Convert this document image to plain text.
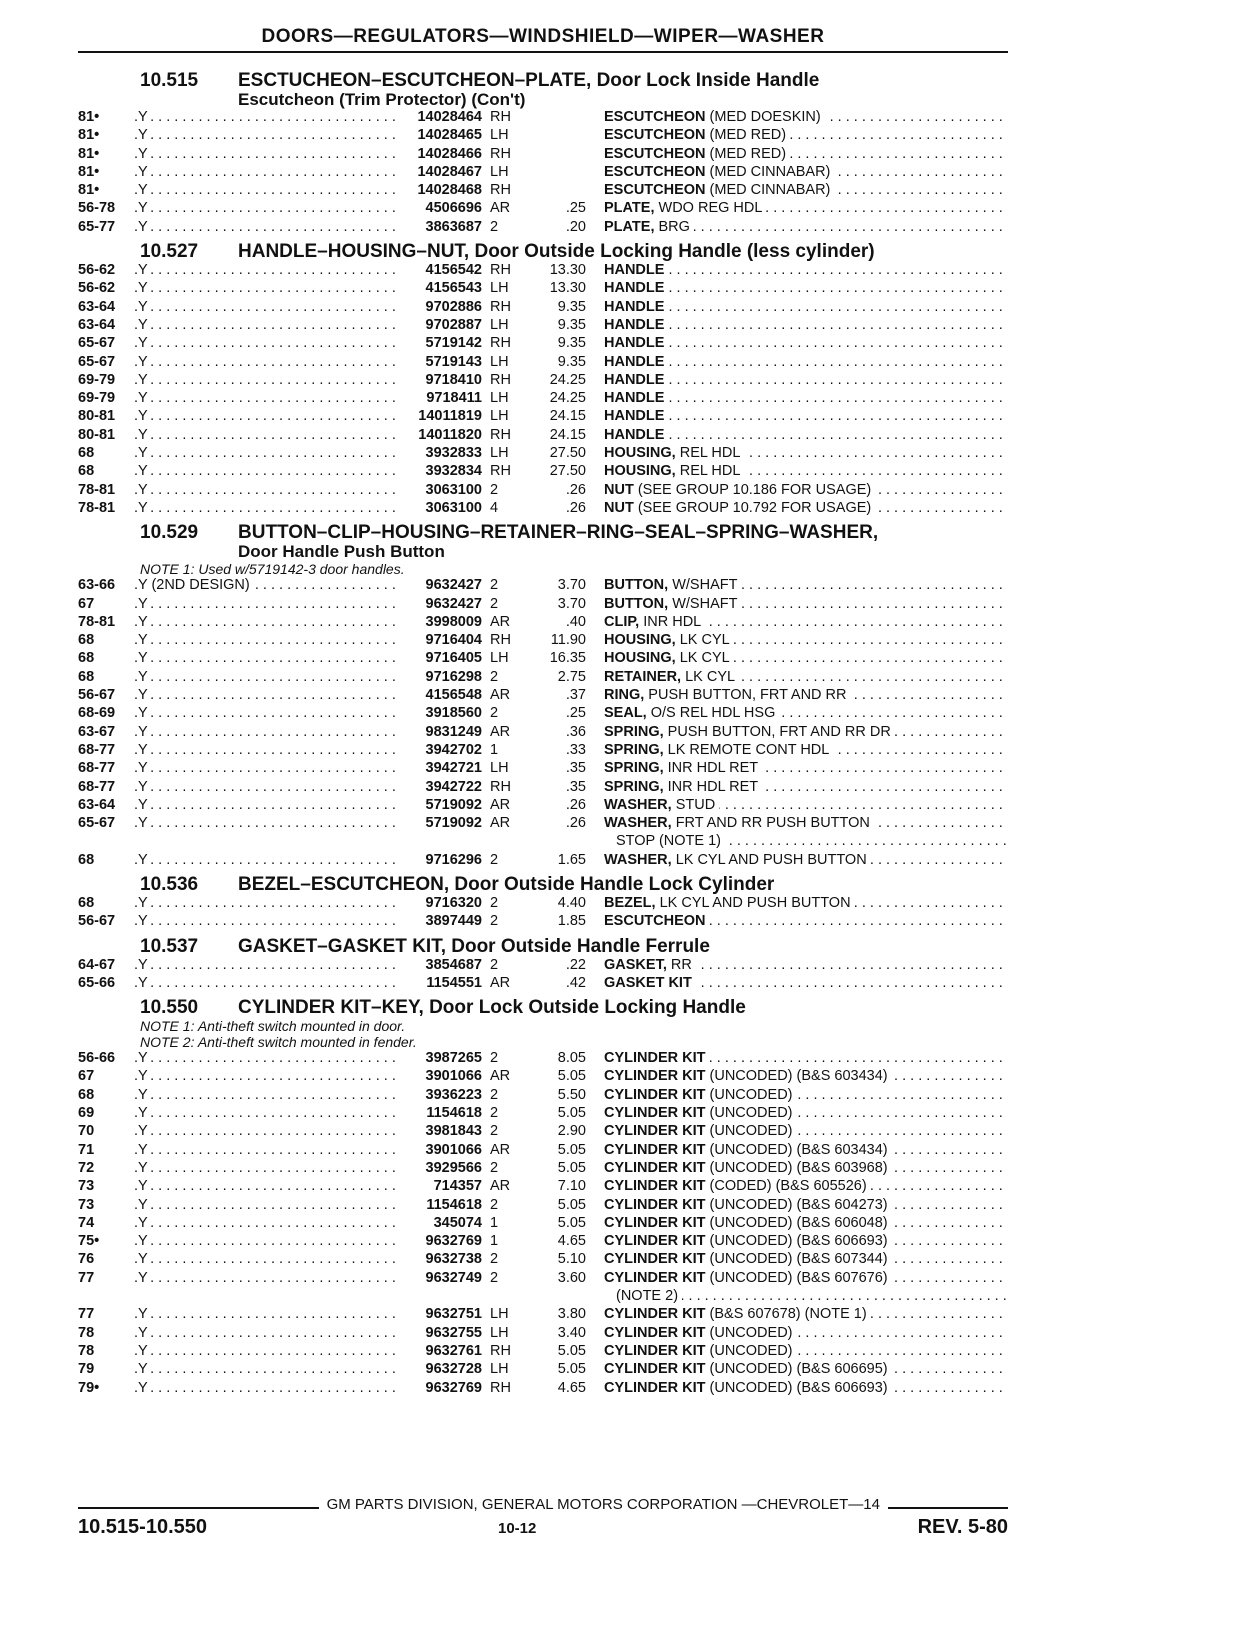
DOORS—REGULATORS—WINDSHIELD—WIPER—WASHER
10.515	ESCTUCHEON–ESCUTCHEON–PLATE, Door Lock Inside Handle
Escutcheon (Trim Protector) (Con't)
81•	Y . . .	14028464 RH	ESCUTCHEON (MED DOESKIN) . . .
81•	Y . . .	14028465 LH	ESCUTCHEON (MED RED) . . .
81•	Y . . .	14028466 RH	ESCUTCHEON (MED RED) . . .
81•	Y . . .	14028467 LH	ESCUTCHEON (MED CINNABAR) . . .
81•	Y . . .	14028468 RH	ESCUTCHEON (MED CINNABAR) . . .
56-78	Y . . .	4506696 AR	.25	PLATE, WDO REG HDL . . .
65-77	Y . . .	3863687 2	.20	PLATE, BRG . . .
10.527	HANDLE–HOUSING–NUT, Door Outside Locking Handle (less cylinder)
56-62	Y . . .	4156542 RH	13.30	HANDLE . . .
56-62	Y . . .	4156543 LH	13.30	HANDLE . . .
63-64	Y . . .	9702886 RH	9.35	HANDLE . . .
63-64	Y . . .	9702887 LH	9.35	HANDLE . . .
65-67	Y . . .	5719142 RH	9.35	HANDLE . . .
65-67	Y . . .	5719143 LH	9.35	HANDLE . . .
69-79	Y . . .	9718410 RH	24.25	HANDLE . . .
69-79	Y . . .	9718411 LH	24.25	HANDLE . . .
80-81	Y . . .	14011819 LH	24.15	HANDLE . . .
80-81	Y . . .	14011820 RH	24.15	HANDLE . . .
68	Y . . .	3932833 LH	27.50	HOUSING, REL HDL . . .
68	Y . . .	3932834 RH	27.50	HOUSING, REL HDL . . .
78-81	Y . . .	3063100 2	.26	NUT (SEE GROUP 10.186 FOR USAGE) . . .
78-81	Y . . .	3063100 4	.26	NUT (SEE GROUP 10.792 FOR USAGE) . . .
10.529	BUTTON–CLIP–HOUSING–RETAINER–RING–SEAL–SPRING–WASHER,
Door Handle Push Button
NOTE 1: Used w/5719142-3 door handles.
63-66	Y (2ND DESIGN) . . .	9632427 2	3.70	BUTTON, W/SHAFT . . .
67	Y . . .	9632427 2	3.70	BUTTON, W/SHAFT . . .
78-81	Y . . .	3998009 AR	.40	CLIP, INR HDL . . .
68	Y . . .	9716404 RH	11.90	HOUSING, LK CYL . . .
68	Y . . .	9716405 LH	16.35	HOUSING, LK CYL . . .
68	Y . . .	9716298 2	2.75	RETAINER, LK CYL . . .
56-67	Y . . .	4156548 AR	.37	RING, PUSH BUTTON, FRT AND RR . . .
68-69	Y . . .	3918560 2	.25	SEAL, O/S REL HDL HSG . . .
63-67	Y . . .	9831249 AR	.36	SPRING, PUSH BUTTON, FRT AND RR DR . . .
68-77	Y . . .	3942702 1	.33	SPRING, LK REMOTE CONT HDL . . .
68-77	Y . . .	3942721 LH	.35	SPRING, INR HDL RET . . .
68-77	Y . . .	3942722 RH	.35	SPRING, INR HDL RET . . .
63-64	Y . . .	5719092 AR	.26	WASHER, STUD . . .
65-67	Y . . .	5719092 AR	.26	WASHER, FRT AND RR PUSH BUTTON . . .
STOP (NOTE 1) . . .
68	Y . . .	9716296 2	1.65	WASHER, LK CYL AND PUSH BUTTON . . .
10.536	BEZEL–ESCUTCHEON, Door Outside Handle Lock Cylinder
68	Y . . .	9716320 2	4.40	BEZEL, LK CYL AND PUSH BUTTON . . .
56-67	Y . . .	3897449 2	1.85	ESCUTCHEON . . .
10.537	GASKET–GASKET KIT, Door Outside Handle Ferrule
64-67	Y . . .	3854687 2	.22	GASKET, RR . . .
65-66	Y . . .	1154551 AR	.42	GASKET KIT . . .
10.550	CYLINDER KIT–KEY, Door Lock Outside Locking Handle
NOTE 1: Anti-theft switch mounted in door.
NOTE 2: Anti-theft switch mounted in fender.
56-66	Y . . .	3987265 2	8.05	CYLINDER KIT . . .
67	Y . . .	3901066 AR	5.05	CYLINDER KIT (UNCODED) (B&S 603434) . . .
68	Y . . .	3936223 2	5.50	CYLINDER KIT (UNCODED) . . .
69	Y . . .	1154618 2	5.05	CYLINDER KIT (UNCODED) . . .
70	Y . . .	3981843 2	2.90	CYLINDER KIT (UNCODED) . . .
71	Y . . .	3901066 AR	5.05	CYLINDER KIT (UNCODED) (B&S 603434) . . .
72	Y . . .	3929566 2	5.05	CYLINDER KIT (UNCODED) (B&S 603968) . . .
73	Y . . .	714357 AR	7.10	CYLINDER KIT (CODED) (B&S 605526) . . .
73	Y . . .	1154618 2	5.05	CYLINDER KIT (UNCODED) (B&S 604273) . . .
74	Y . . .	345074 1	5.05	CYLINDER KIT (UNCODED) (B&S 606048) . . .
75•	Y . . .	9632769 1	4.65	CYLINDER KIT (UNCODED) (B&S 606693) . . .
76	Y . . .	9632738 2	5.10	CYLINDER KIT (UNCODED) (B&S 607344) . . .
77	Y . . .	9632749 2	3.60	CYLINDER KIT (UNCODED) (B&S 607676) . . .
(NOTE 2) . . .
77	Y . . .	9632751 LH	3.80	CYLINDER KIT (B&S 607678) (NOTE 1) . . .
78	Y . . .	9632755 LH	3.40	CYLINDER KIT (UNCODED) . . .
78	Y . . .	9632761 RH	5.05	CYLINDER KIT (UNCODED) . . .
79	Y . . .	9632728 LH	5.05	CYLINDER KIT (UNCODED) (B&S 606695) . . .
79•	Y . . .	9632769 RH	4.65	CYLINDER KIT (UNCODED) (B&S 606693) . . .
GM PARTS DIVISION, GENERAL MOTORS CORPORATION —CHEVROLET—14
10.515-10.550	10-12	REV. 5-80
